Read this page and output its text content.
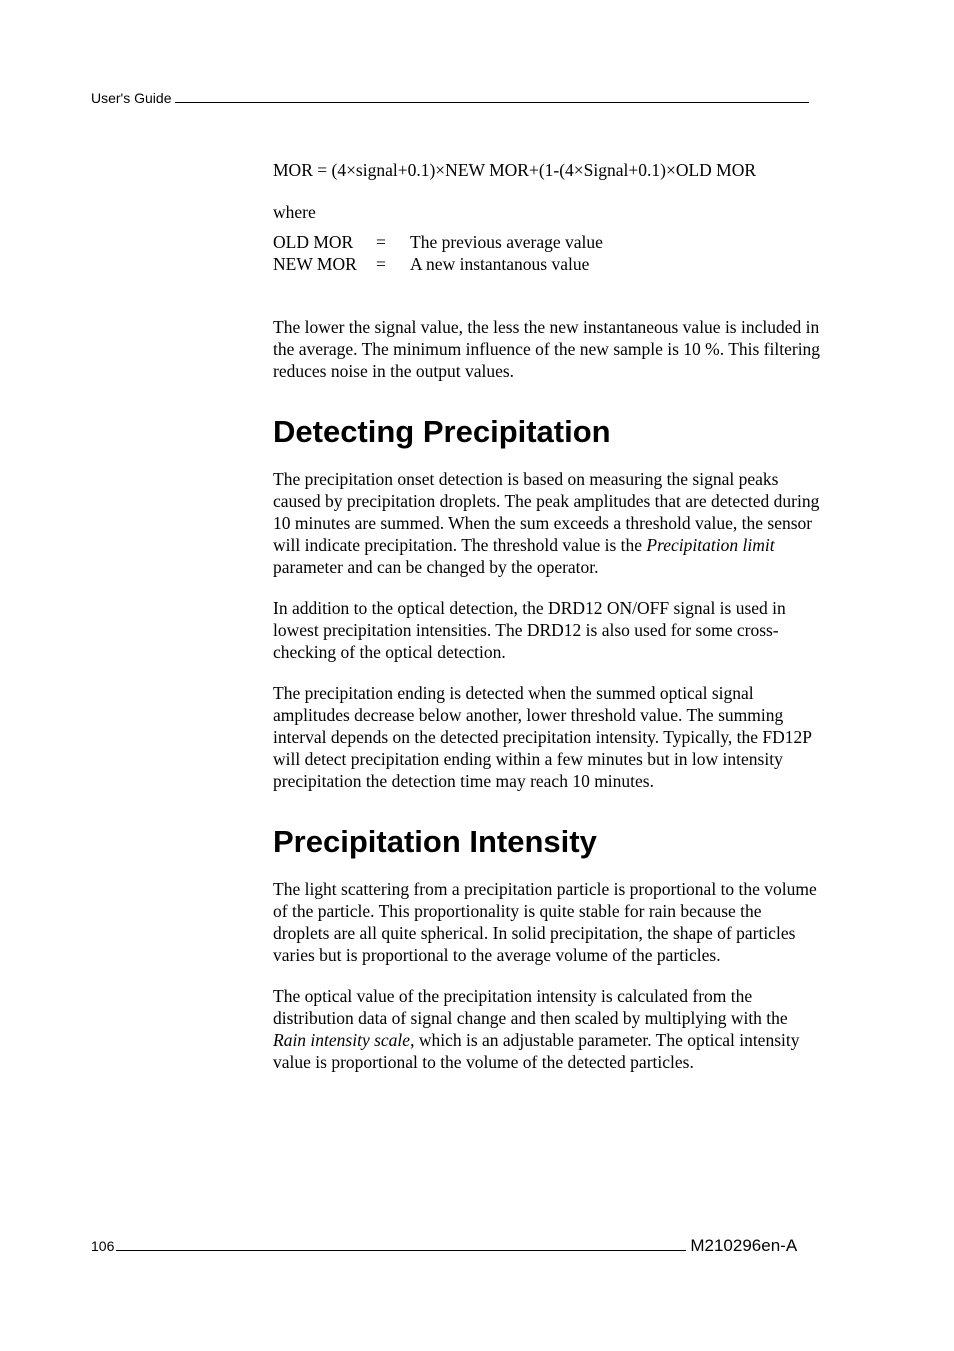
User's Guide

MOR = (4×signal+0.1)×NEW MOR+(1-(4×Signal+0.1)×OLD MOR

where

OLD MOR	=	The previous average value
NEW MOR	=	A new instantanous value

The lower the signal value, the less the new instantaneous value is included in the average. The minimum influence of the new sample is 10 %. This filtering reduces noise in the output values.

Detecting Precipitation

The precipitation onset detection is based on measuring the signal peaks caused by precipitation droplets. The peak amplitudes that are detected during 10 minutes are summed. When the sum exceeds a threshold value, the sensor will indicate precipitation. The threshold value is the Precipitation limit parameter and can be changed by the operator.

In addition to the optical detection, the DRD12 ON/OFF signal is used in lowest precipitation intensities. The DRD12 is also used for some cross-checking of the optical detection.

The precipitation ending is detected when the summed optical signal amplitudes decrease below another, lower threshold value. The summing interval depends on the detected precipitation intensity. Typically, the FD12P will detect precipitation ending within a few minutes but in low intensity precipitation the detection time may reach 10 minutes.

Precipitation Intensity

The light scattering from a precipitation particle is proportional to the volume of the particle. This proportionality is quite stable for rain because the droplets are all quite spherical. In solid precipitation, the shape of particles varies but is proportional to the average volume of the particles.

The optical value of the precipitation intensity is calculated from the distribution data of signal change and then scaled by multiplying with the Rain intensity scale, which is an adjustable parameter. The optical intensity value is proportional to the volume of the detected particles.

106	M210296en-A
